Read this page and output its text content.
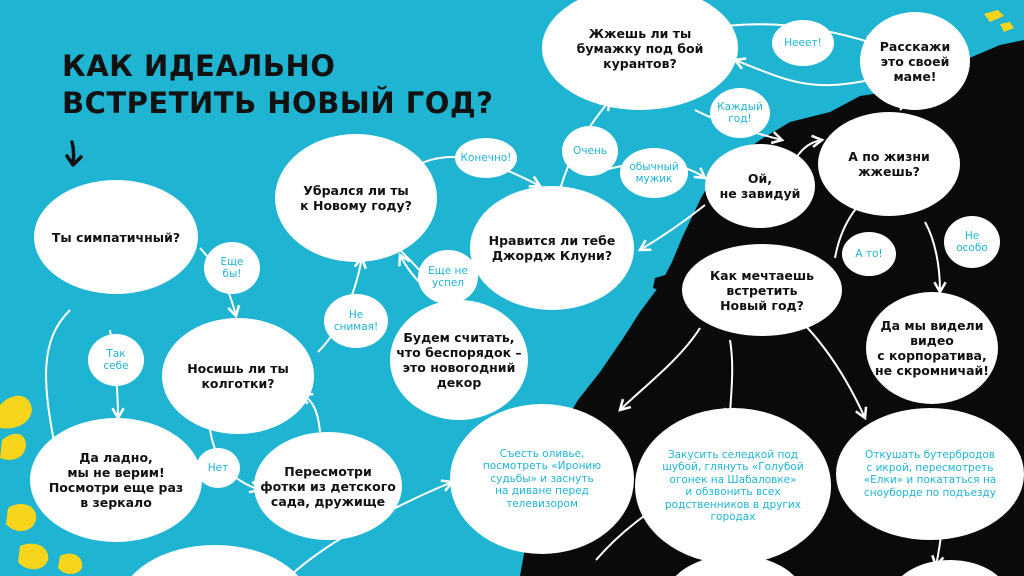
КАК ИДЕАЛЬНО
ВСТРЕТИТЬ НОВЫЙ ГОД?
Ты симпатичный?
Убрался ли ты
к Новому году?
Жжешь ли ты
бумажку под бой
курантов?
Расскажи
это своей
маме!
Нравится ли тебе
Джордж Клуни?
Ой,
не завидуй
А по жизни
жжешь?
Носишь ли ты
колготки?
Будем считать,
что беспорядок –
это новогодний
декор
Как мечтаешь
встретить
Новый год?
Да мы видели
видео
с корпоратива,
не скромничай!
Да ладно,
мы не верим!
Посмотри еще раз
в зеркало
Пересмотри
фотки из детского
сада, дружище
Съесть оливье,
посмотреть «Иронию
судьбы» и заснуть
на диване перед
телевизором
Закусить селедкой под
шубой, глянуть «Голубой
огонек на Шабаловке»
и обзвонить всех
родственников в других
городах
Откушать бутербродов
с икрой, пересмотреть
«Елки» и покататься на
сноуборде по подъезду
Конечно!
Очень
Нееет!
Каждый
год!
обычный
мужик
Еще
бы!	Еще не
успел
Не
снимая!
Так
себе
Нет
А то!
Не
особо
